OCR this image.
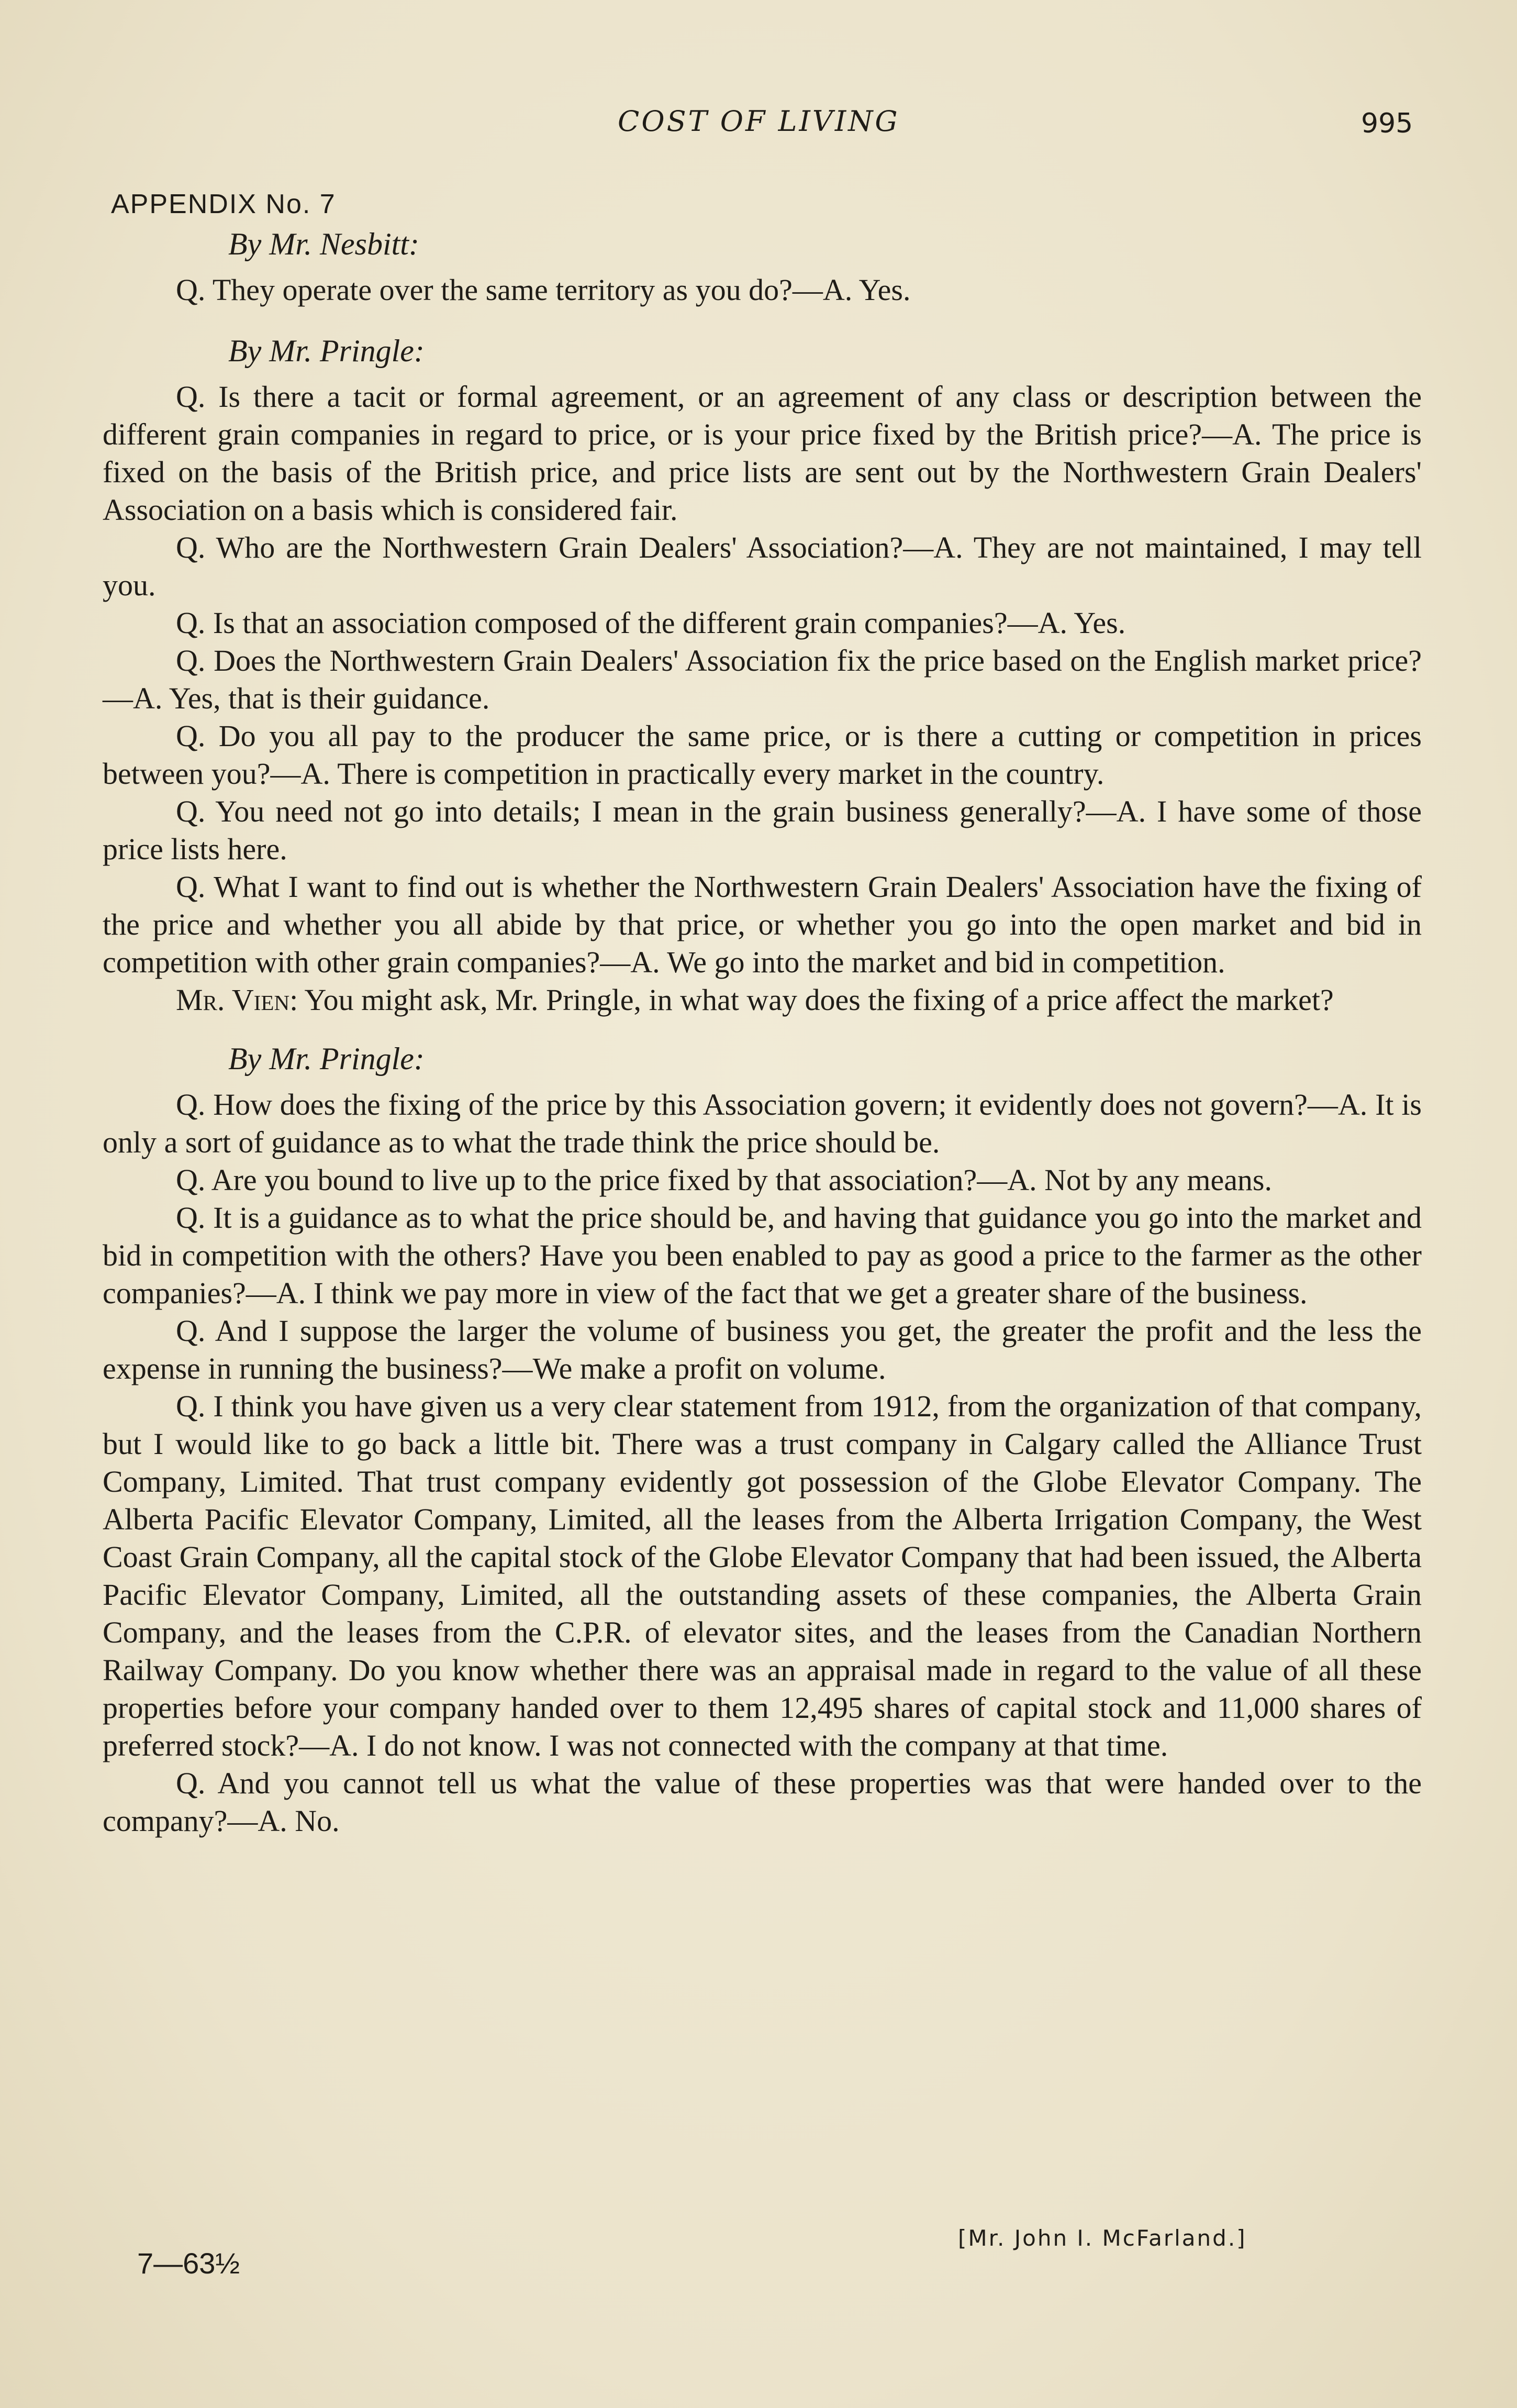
COST OF LIVING	995
APPENDIX No. 7

By Mr. Nesbitt:

Q. They operate over the same territory as you do?—A. Yes.

By Mr. Pringle:

Q. Is there a tacit or formal agreement, or an agreement of any class or description between the different grain companies in regard to price, or is your price fixed by the British price?—A. The price is fixed on the basis of the British price, and price lists are sent out by the Northwestern Grain Dealers' Association on a basis which is considered fair.

Q. Who are the Northwestern Grain Dealers' Association?—A. They are not maintained, I may tell you.

Q. Is that an association composed of the different grain companies?—A. Yes.

Q. Does the Northwestern Grain Dealers' Association fix the price based on the English market price?—A. Yes, that is their guidance.

Q. Do you all pay to the producer the same price, or is there a cutting or competition in prices between you?—A. There is competition in practically every market in the country.

Q. You need not go into details; I mean in the grain business generally?—A. I have some of those price lists here.

Q. What I want to find out is whether the Northwestern Grain Dealers' Association have the fixing of the price and whether you all abide by that price, or whether you go into the open market and bid in competition with other grain companies?—A. We go into the market and bid in competition.

Mr. Vien: You might ask, Mr. Pringle, in what way does the fixing of a price affect the market?

By Mr. Pringle:

Q. How does the fixing of the price by this Association govern; it evidently does not govern?—A. It is only a sort of guidance as to what the trade think the price should be.

Q. Are you bound to live up to the price fixed by that association?—A. Not by any means.

Q. It is a guidance as to what the price should be, and having that guidance you go into the market and bid in competition with the others? Have you been enabled to pay as good a price to the farmer as the other companies?—A. I think we pay more in view of the fact that we get a greater share of the business.

Q. And I suppose the larger the volume of business you get, the greater the profit and the less the expense in running the business?—We make a profit on volume.

Q. I think you have given us a very clear statement from 1912, from the organization of that company, but I would like to go back a little bit. There was a trust company in Calgary called the Alliance Trust Company, Limited. That trust company evidently got possession of the Globe Elevator Company. The Alberta Pacific Elevator Company, Limited, all the leases from the Alberta Irrigation Company, the West Coast Grain Company, all the capital stock of the Globe Elevator Company that had been issued, the Alberta Pacific Elevator Company, Limited, all the outstanding assets of these companies, the Alberta Grain Company, and the leases from the C.P.R. of elevator sites, and the leases from the Canadian Northern Railway Company. Do you know whether there was an appraisal made in regard to the value of all these properties before your company handed over to them 12,495 shares of capital stock and 11,000 shares of preferred stock?—A. I do not know. I was not connected with the company at that time.

Q. And you cannot tell us what the value of these properties was that were handed over to the company?—A. No.

[Mr. John I. McFarland.]
7—63½
